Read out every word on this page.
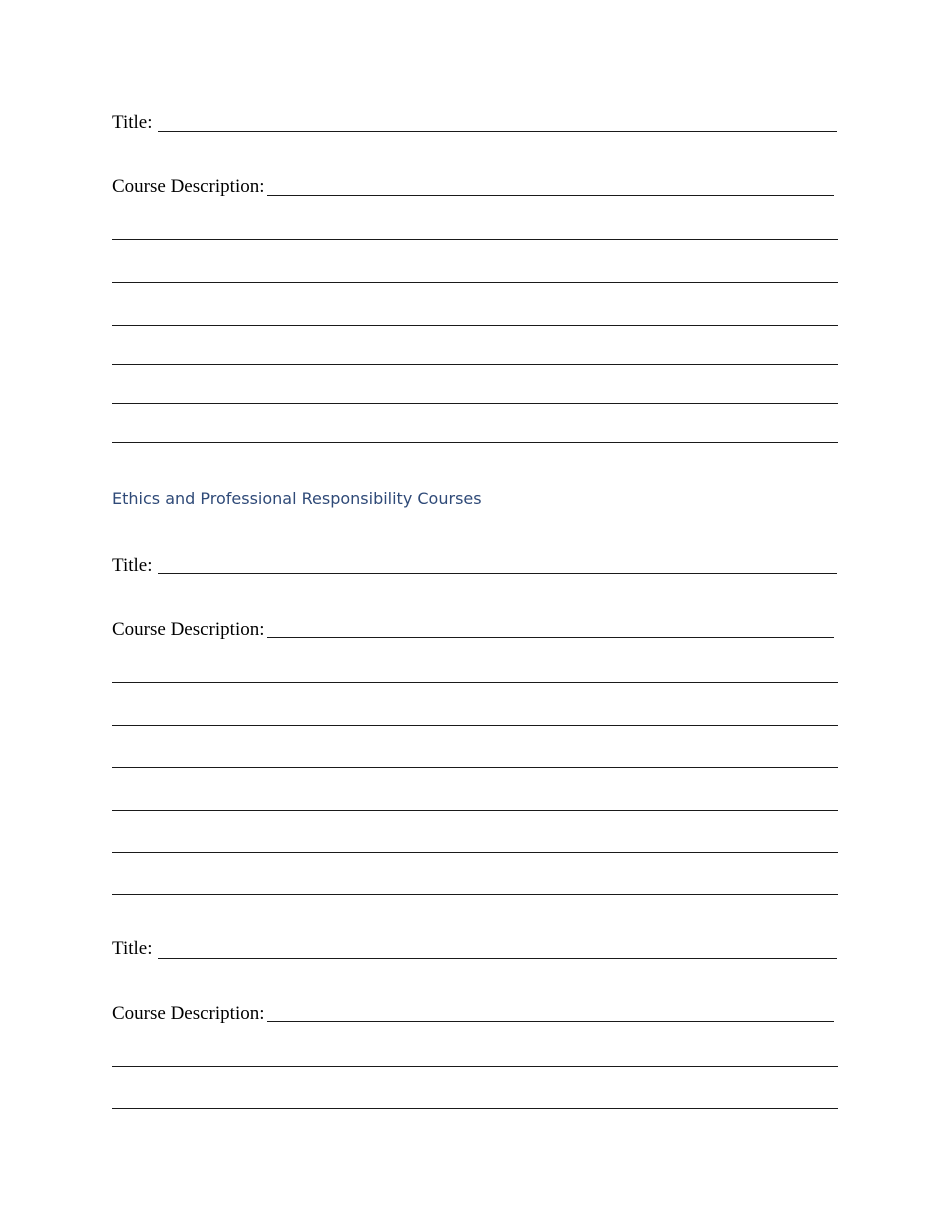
Title:
Course Description:
Ethics and Professional Responsibility Courses
Title:
Course Description:
Title:
Course Description:
